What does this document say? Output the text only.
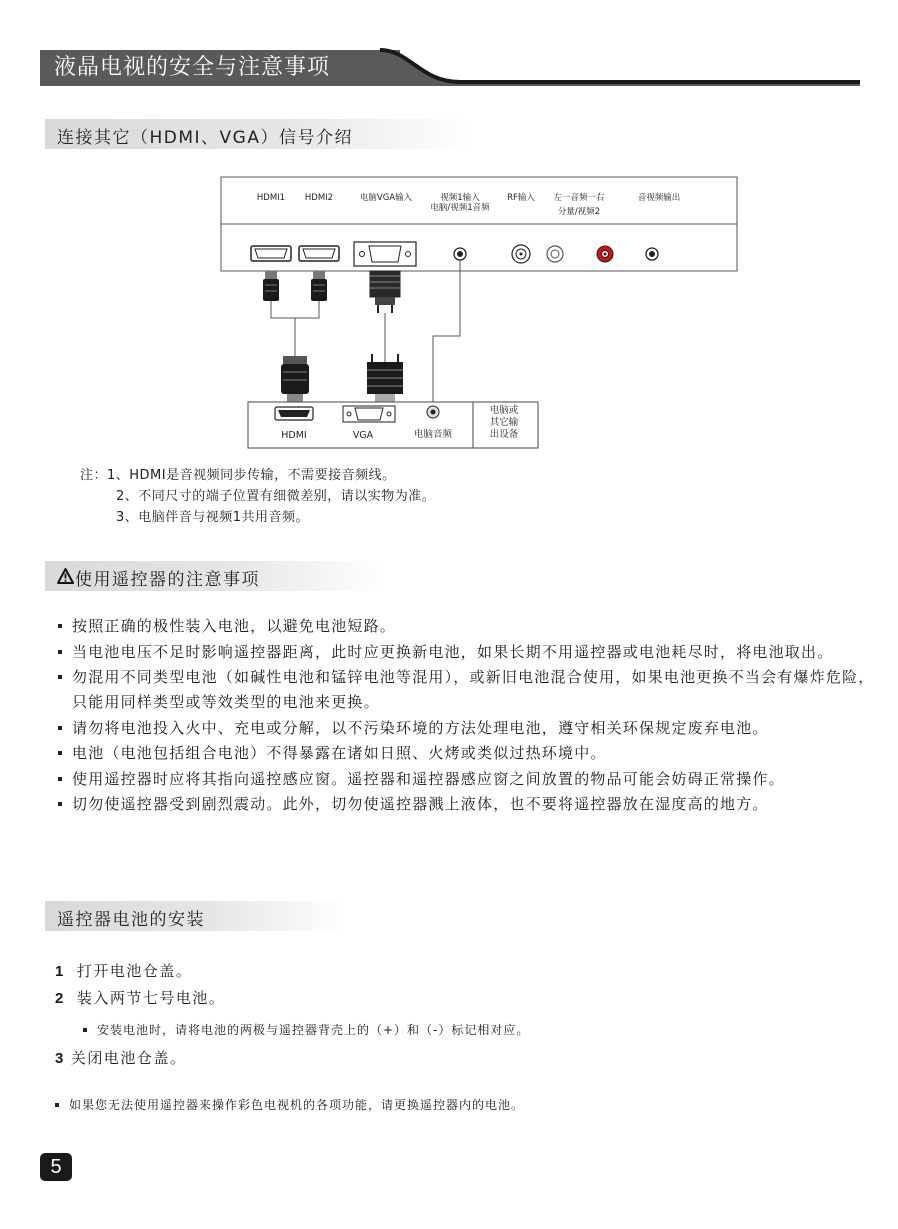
液晶电视的安全与注意事项
连接其它（HDMI、VGA）信号介绍
HDMI1 HDMI2	电脑VGA输入	视频1输入
电脑/视频1音频
RF输入 左一音频一右
分量/视频2
音视频输出
HDMI	VGA	电脑音频
电脑或
其它输
出设备
注：1、HDMI是音视频同步传输，不需要接音频线。
2、不同尺寸的端子位置有细微差别，请以实物为准。
3、电脑伴音与视频1共用音频。
使用遥控器的注意事项
按照正确的极性装入电池，以避免电池短路。
当电池电压不足时影响遥控器距离，此时应更换新电池，如果长期不用遥控器或电池耗尽时，将电池取出。
勿混用不同类型电池（如碱性电池和锰锌电池等混用），或新旧电池混合使用，如果电池更换不当会有爆炸危险，只能用同样类型或等效类型的电池来更换。
请勿将电池投入火中、充电或分解，以不污染环境的方法处理电池，遵守相关环保规定废弃电池。
电池（电池包括组合电池）不得暴露在诸如日照、火烤或类似过热环境中。
使用遥控器时应将其指向遥控感应窗。遥控器和遥控器感应窗之间放置的物品可能会妨碍正常操作。
切勿使遥控器受到剧烈震动。此外，切勿使遥控器溅上液体，也不要将遥控器放在湿度高的地方。
遥控器电池的安装
1 打开电池仓盖。
2 装入两节七号电池。
安装电池时，请将电池的两极与遥控器背壳上的（+）和（-）标记相对应。
3 关闭电池仓盖。
如果您无法使用遥控器来操作彩色电视机的各项功能，请更换遥控器内的电池。
5
